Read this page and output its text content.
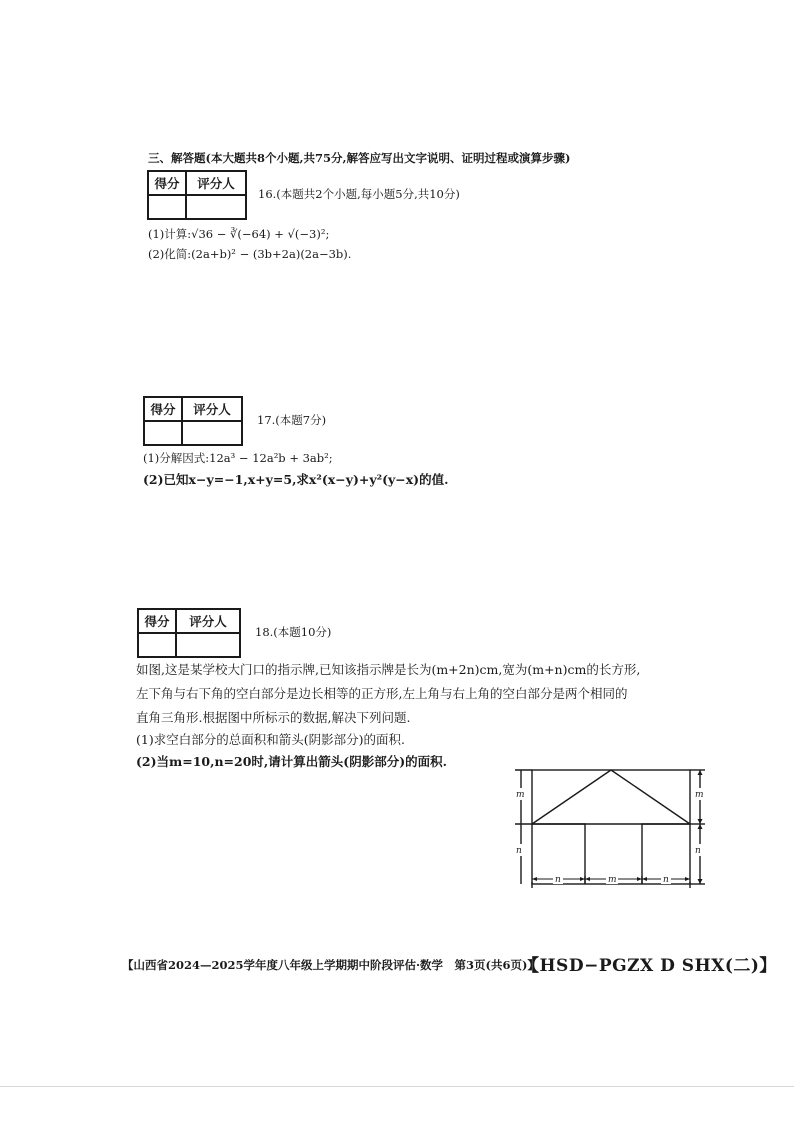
三、解答题(本大题共8个小题,共75分,解答应写出文字说明、证明过程或演算步骤)
得分	评分人

16.(本题共2个小题,每小题5分,共10分)
(1)计算:√36 − ∛(−64) + √(−3)²;
(2)化简:(2a+b)² − (3b+2a)(2a−3b).
得分	评分人

17.(本题7分)
(1)分解因式:12a³ − 12a²b + 3ab²;
(2)已知x−y=−1,x+y=5,求x²(x−y)+y²(y−x)的值.
得分	评分人

18.(本题10分)
如图,这是某学校大门口的指示牌,已知该指示牌是长为(m+2n)cm,宽为(m+n)cm的长方形,
左下角与右下角的空白部分是边长相等的正方形,左上角与右上角的空白部分是两个相同的
直角三角形.根据图中所标示的数据,解决下列问题.
(1)求空白部分的总面积和箭头(阴影部分)的面积.
(2)当m=10,n=20时,请计算出箭头(阴影部分)的面积.
m
n
m
n
n	m	n
【山西省2024—2025学年度八年级上学期期中阶段评估·数学　第3页(共6页)】
【HSD−PGZX D SHX(二)】
